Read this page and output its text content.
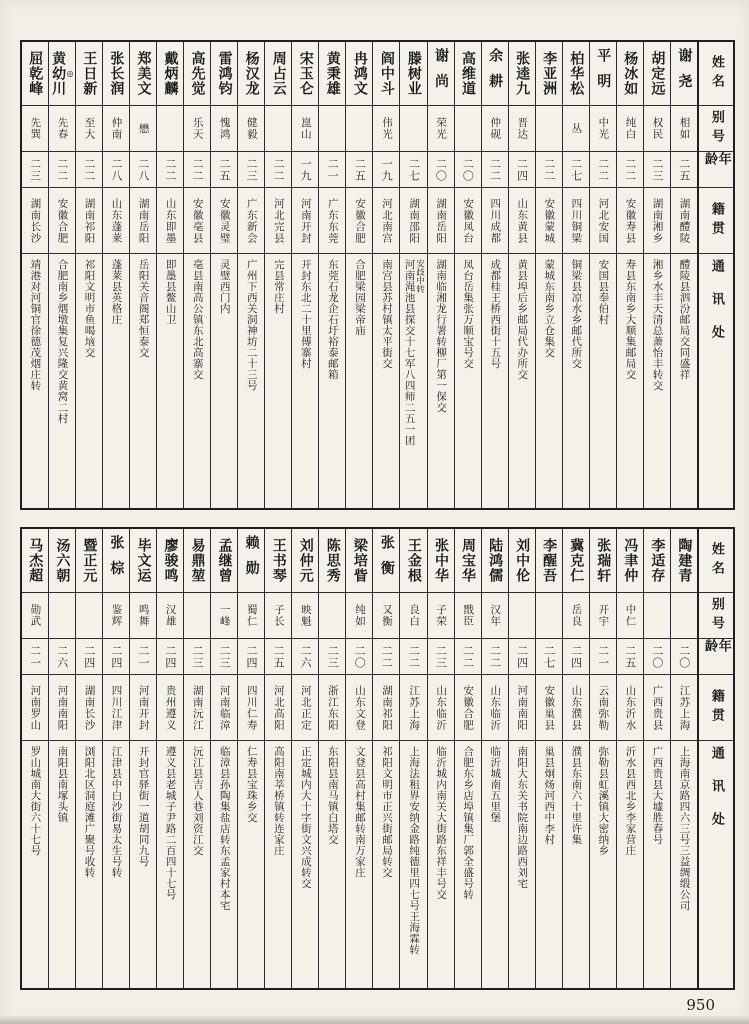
姓名
别号
年龄
籍贯
通讯处
谢尧
相如
二五
湖南醴陵
醴陵县泗汾邮局交同盛祥
胡定远
权民
二三
湖南湘乡
湘乡水丰天清总萧怡丰转交
杨冰如
纯白
二二
安徽寿县
寿县东南乡大顺集邮局交
平明
中光
二二
河北安国
安国县奉伯村
柏华松
丛
二七
四川铜梁
铜梁县凉水乡邮代所交
李亚洲
二二
安徽蒙城
蒙城东南乡立仓集交
张逵九
晋达
二四
山东黄县
黄县埠后乡邮局代办所交
余耕
仲砚
二二
四川成都
成都桂王桥西街十五号
高维道
二〇
安徽凤台
凤台岳集张万顺宝号交
谢尚
荣光
二〇
湖南岳阳
湖南临湘龙行署转柳厂第一保交
滕树业
二七
湖南邵阳
河南渑池县探交十七军八四师二五一团 安歧中转
阎中斗
伟光
一九
河北南宫
南宫县苏村镇太平街交
冉鸿文
二五
安徽合肥
合肥梁园梁帝庙
黄秉雄
二一
广东东莞
东莞石龙企石圩裕泰邮箱
宋玉仑
崑山
一九
河南开封
开封东北二十里傅寨村
周占云
二二
河北完县
完县常庄村
杨汉龙
健毅
二三
广东新会
广州下西关洞神坊二十三号
雷鸿钧
愧鸿
二五
安徽灵璧
灵璧西门内
高先觉
乐天
二二
安徽亳县
亳县南高公镇东北高寨交
戴炳麟
二二
山东即墨
即墨县鳌山卫
郑美文
懋
二八
湖南岳阳
岳阳关音阁郑恒泰交
张长润
仲南
二八
山东蓬莱
蓬莱县英格庄
王日新
至大
二二
湖南祁阳
祁阳文明市鱼喝垴交
黄幼川 ◎
先春
二二
安徽合肥
合肥南乡烟墩集复兴隆交黄窝二村
屈乾峰
先巽
二三
湖南长沙
靖港对河铜官徐德茂烟庄转
姓名
别号
年龄
籍贯
通讯处
陶建青
二〇
江苏上海
上海南京路四六三号三益绸缎公司
李适存
二〇
广西贵县
广西贵县大墟胜春号
冯聿仲
中仁
二五
山东沂水
沂水县西北乡李家营庄
张瑞轩
开宇
二一
云南弥勒
弥勒县虹溪镇大密纳乡
冀克仁
岳良
二四
山东濮县
濮县东南六十里许集
李醒吾
二七
安徽巢县
巢县炯炀河西中李村
刘中伦
二四
河南南阳
南阳大东关书院南边路西刘宅
陆鸿儒
汉年
二二
山东临沂
临沂城南五里堡
周宝华
戬臣
二二
安徽合肥
合肥东乡店埠镇集厂郭全盛号转
张中华
子荣
二三
山东临沂
临沂城内南关大街路东祥丰号交
王金根
良白
二二
江苏上海
上海法租界安纳金路纯德里四七号王海霖转
张衡
又衡
二二
湖南祁阳
祁阳文明市正兴街邮局转交
梁培眥
纯如
二〇
山东文登
文登县高村集邮转南万家庄
陈思秀
二三
浙江东阳
东阳县南马镇白塔交
刘仲元
映魁
二六
河北正定
正定城内大十字街文兴成转交
王书琴
子长
二五
河北高阳
高阳南莘桥镇转连家庄
赖勋
蜀仁
二四
四川仁寿
仁寿县宝珠乡交
孟继曾
一峰
二三
河南临漳
临漳县孙陶集盐店转东孟家村本宅
易鼎堃
二三
湖南沅江
沅江县吉人巷刘资江交
廖骏鸣
汉雄
二四
贵州遵义
遵义县老城子尹路二百四十七号
毕文运
鸣舞
二一
河南开封
开封官驿街一道胡同九号
张棕
鉴辉
二四
四川江津
江津县中白沙街易太生号转
暨正元
二四
湖南长沙
浏阳北区洞庭滩广聚号收转
汤六朝
二六
河南南阳
南阳县南塚头镇
马杰超
勋武
二一
河南罗山
罗山城南大街六十七号
950
